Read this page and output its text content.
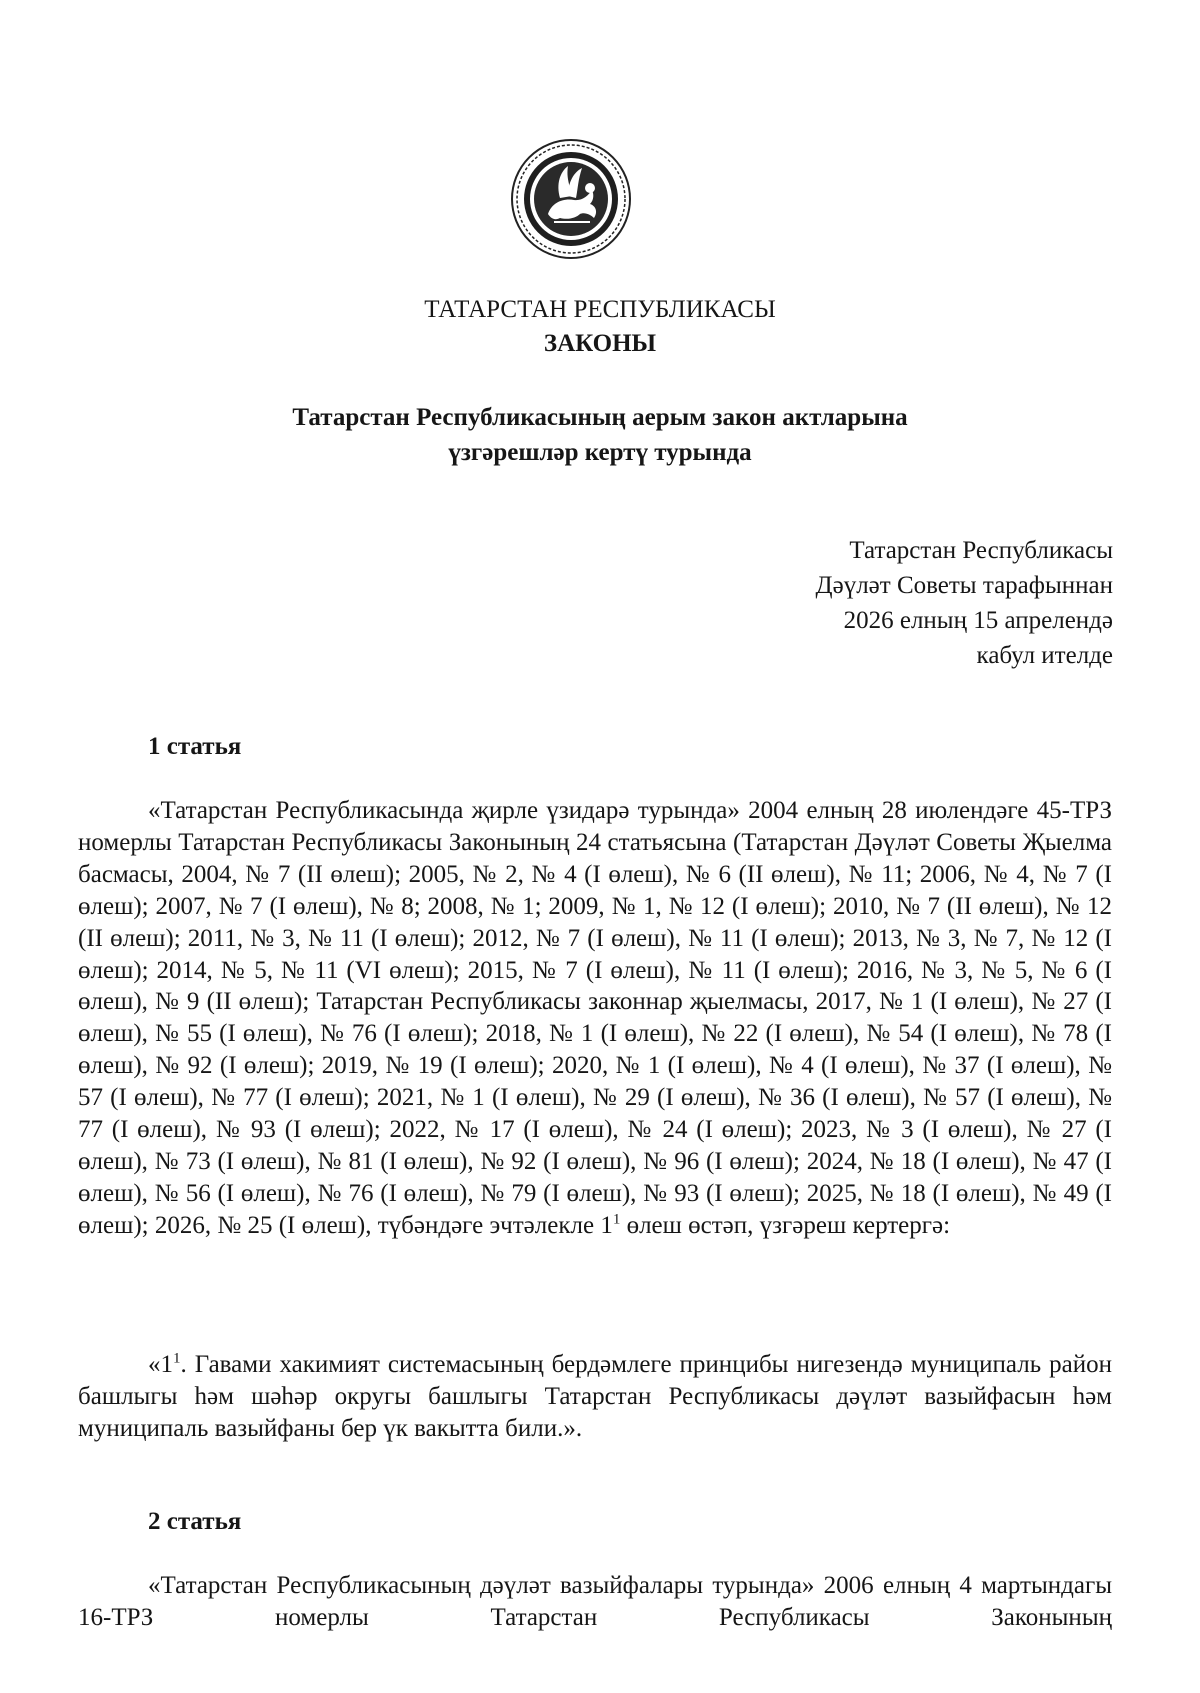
ТАТАРСТАН РЕСПУБЛИКАСЫ
ЗАКОНЫ
Татарстан Республикасының аерым закон актларына
үзгәрешләр кертү турында
Татарстан Республикасы
Дәүләт Советы тарафыннан
2026 елның 15 апрелендә
кабул ителде
1 статья
«Татарстан Республикасында җирле үзидарә турында» 2004 елның 28 июлендәге 45-ТРЗ номерлы Татарстан Республикасы Законының 24 статьясына (Татарстан Дәүләт Советы Җыелма басмасы, 2004, № 7 (II өлеш); 2005, № 2, № 4 (I өлеш), № 6 (II өлеш), № 11; 2006, № 4, № 7 (I өлеш); 2007, № 7 (I өлеш), № 8; 2008, № 1; 2009, № 1, № 12 (I өлеш); 2010, № 7 (II өлеш), № 12 (II өлеш); 2011, № 3, № 11 (I өлеш); 2012, № 7 (I өлеш), № 11 (I өлеш); 2013, № 3, № 7, № 12 (I өлеш); 2014, № 5, № 11 (VI өлеш); 2015, № 7 (I өлеш), № 11 (I өлеш); 2016, № 3, № 5, № 6 (I өлеш), № 9 (II өлеш); Татарстан Республикасы законнар җыелмасы, 2017, № 1 (I өлеш), № 27 (I өлеш), № 55 (I өлеш), № 76 (I өлеш); 2018, № 1 (I өлеш), № 22 (I өлеш), № 54 (I өлеш), № 78 (I өлеш), № 92 (I өлеш); 2019, № 19 (I өлеш); 2020, № 1 (I өлеш), № 4 (I өлеш), № 37 (I өлеш), № 57 (I өлеш), № 77 (I өлеш); 2021, № 1 (I өлеш), № 29 (I өлеш), № 36 (I өлеш), № 57 (I өлеш), № 77 (I өлеш), № 93 (I өлеш); 2022, № 17 (I өлеш), № 24 (I өлеш); 2023, № 3 (I өлеш), № 27 (I өлеш), № 73 (I өлеш), № 81 (I өлеш), № 92 (I өлеш), № 96 (I өлеш); 2024, № 18 (I өлеш), № 47 (I өлеш), № 56 (I өлеш), № 76 (I өлеш), № 79 (I өлеш), № 93 (I өлеш); 2025, № 18 (I өлеш), № 49 (I өлеш); 2026, № 25 (I өлеш), түбәндәге эчтәлекле $1^1$ өлеш өстәп, үзгәреш кертергә:
«$1^1$. Гавами хакимият системасының бердәмлеге принцибы нигезендә муниципаль район башлыгы һәм шәһәр округы башлыгы Татарстан Республикасы дәүләт вазыйфасын һәм муниципаль вазыйфаны бер үк вакытта били.».
2 статья
«Татарстан Республикасының дәүләт вазыйфалары турында» 2006 елның 4 мартындагы 16-ТРЗ номерлы Татарстан Республикасы Законының
